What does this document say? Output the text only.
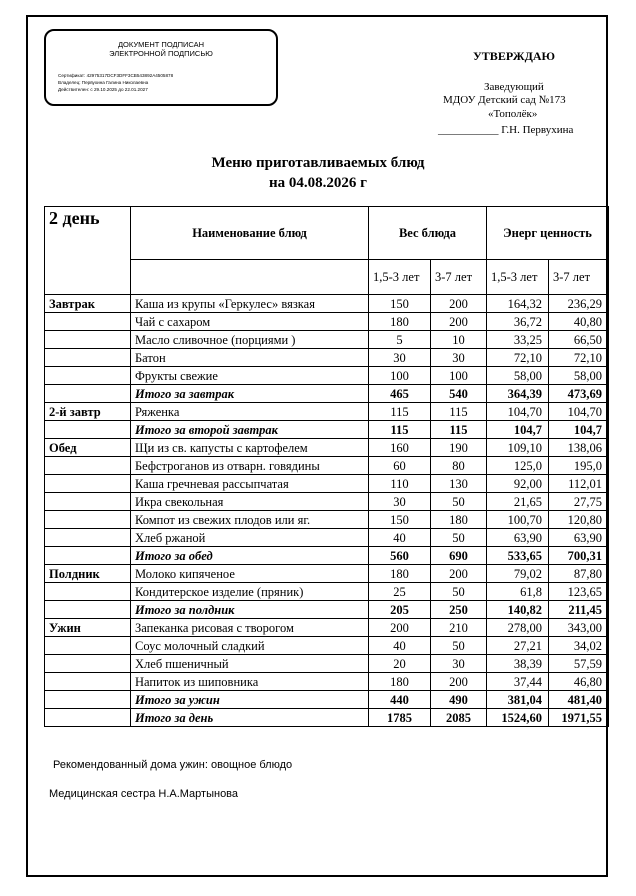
ДОКУМЕНТ ПОДПИСАН
ЭЛЕКТРОННОЙ ПОДПИСЬЮ
Сертификат: 42975317DCF3DFF3CB543892A4505878
Владелец: Первухина Галина Николаевна
Действителен: с 29.10.2025 до 22.01.2027
УТВЕРЖДАЮ
Заведующий
МДОУ Детский сад №173
«Тополёк»
___________ Г.Н. Первухина
Меню приготавливаемых блюд
на 04.08.2026 г
2 день	Наименование блюд	Вес блюда		Энерг ценность	
		1,5-3 лет	3-7 лет	1,5-3 лет	3-7 лет
Завтрак	Каша из крупы «Геркулес» вязкая	150	200	164,32	236,29
	Чай с сахаром	180	200	36,72	40,80
	Масло сливочное (порциями )	5	10	33,25	66,50
	Батон	30	30	72,10	72,10
	Фрукты свежие	100	100	58,00	58,00
	Итого за завтрак	465	540	364,39	473,69
2-й завтр	Ряженка	115	115	104,70	104,70
	Итого за второй завтрак	115	115	104,7	104,7
Обед	Щи из св. капусты с картофелем	160	190	109,10	138,06
	Бефстроганов из отварн. говядины	60	80	125,0	195,0
	Каша гречневая рассыпчатая	110	130	92,00	112,01
	Икра свекольная	30	50	21,65	27,75
	Компот из свежих плодов или яг.	150	180	100,70	120,80
	Хлеб ржаной	40	50	63,90	63,90
	Итого за обед	560	690	533,65	700,31
Полдник	Молоко кипяченое	180	200	79,02	87,80
	Кондитерское изделие (пряник)	25	50	61,8	123,65
	Итого за полдник	205	250	140,82	211,45
Ужин	Запеканка рисовая с творогом	200	210	278,00	343,00
	Соус молочный сладкий	40	50	27,21	34,02
	Хлеб пшеничный	20	30	38,39	57,59
	Напиток из шиповника	180	200	37,44	46,80
	Итого за ужин	440	490	381,04	481,40
	Итого за день	1785	2085	1524,60	1971,55
Рекомендованный дома ужин: овощное блюдо
Медицинская сестра Н.А.Мартынова
